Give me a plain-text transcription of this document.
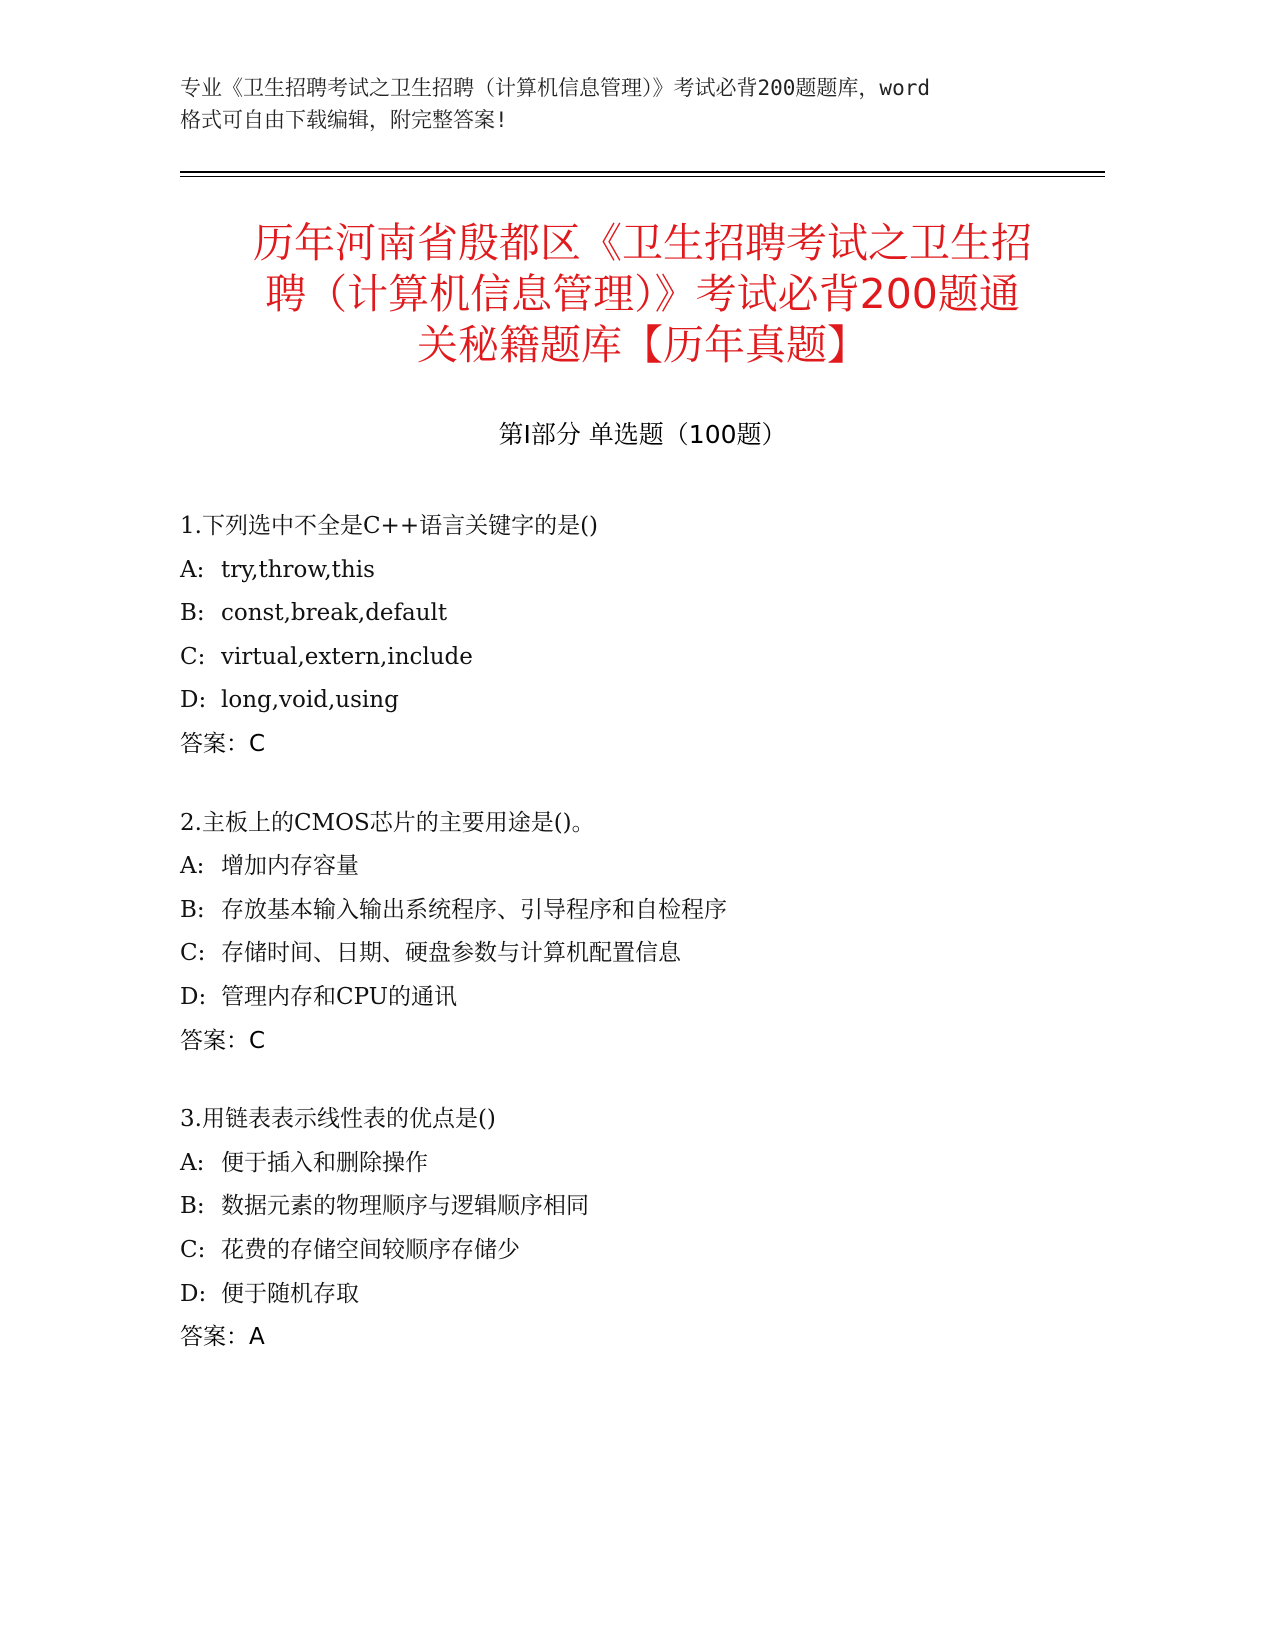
专业《卫生招聘考试之卫生招聘（计算机信息管理）》考试必背200题题库，word
格式可自由下载编辑，附完整答案!
历年河南省殷都区《卫生招聘考试之卫生招
聘（计算机信息管理）》考试必背200题通
关秘籍题库【历年真题】
第Ⅰ部分 单选题（100题）
1.下列选中不全是C++语言关键字的是()
A: try,throw,this
B: const,break,default
C: virtual,extern,include
D: long,void,using
答案：C
2.主板上的CMOS芯片的主要用途是()。
A: 增加内存容量
B: 存放基本输入输出系统程序、引导程序和自检程序
C: 存储时间、日期、硬盘参数与计算机配置信息
D: 管理内存和CPU的通讯
答案：C
3.用链表表示线性表的优点是()
A: 便于插入和删除操作
B: 数据元素的物理顺序与逻辑顺序相同
C: 花费的存储空间较顺序存储少
D: 便于随机存取
答案：A
